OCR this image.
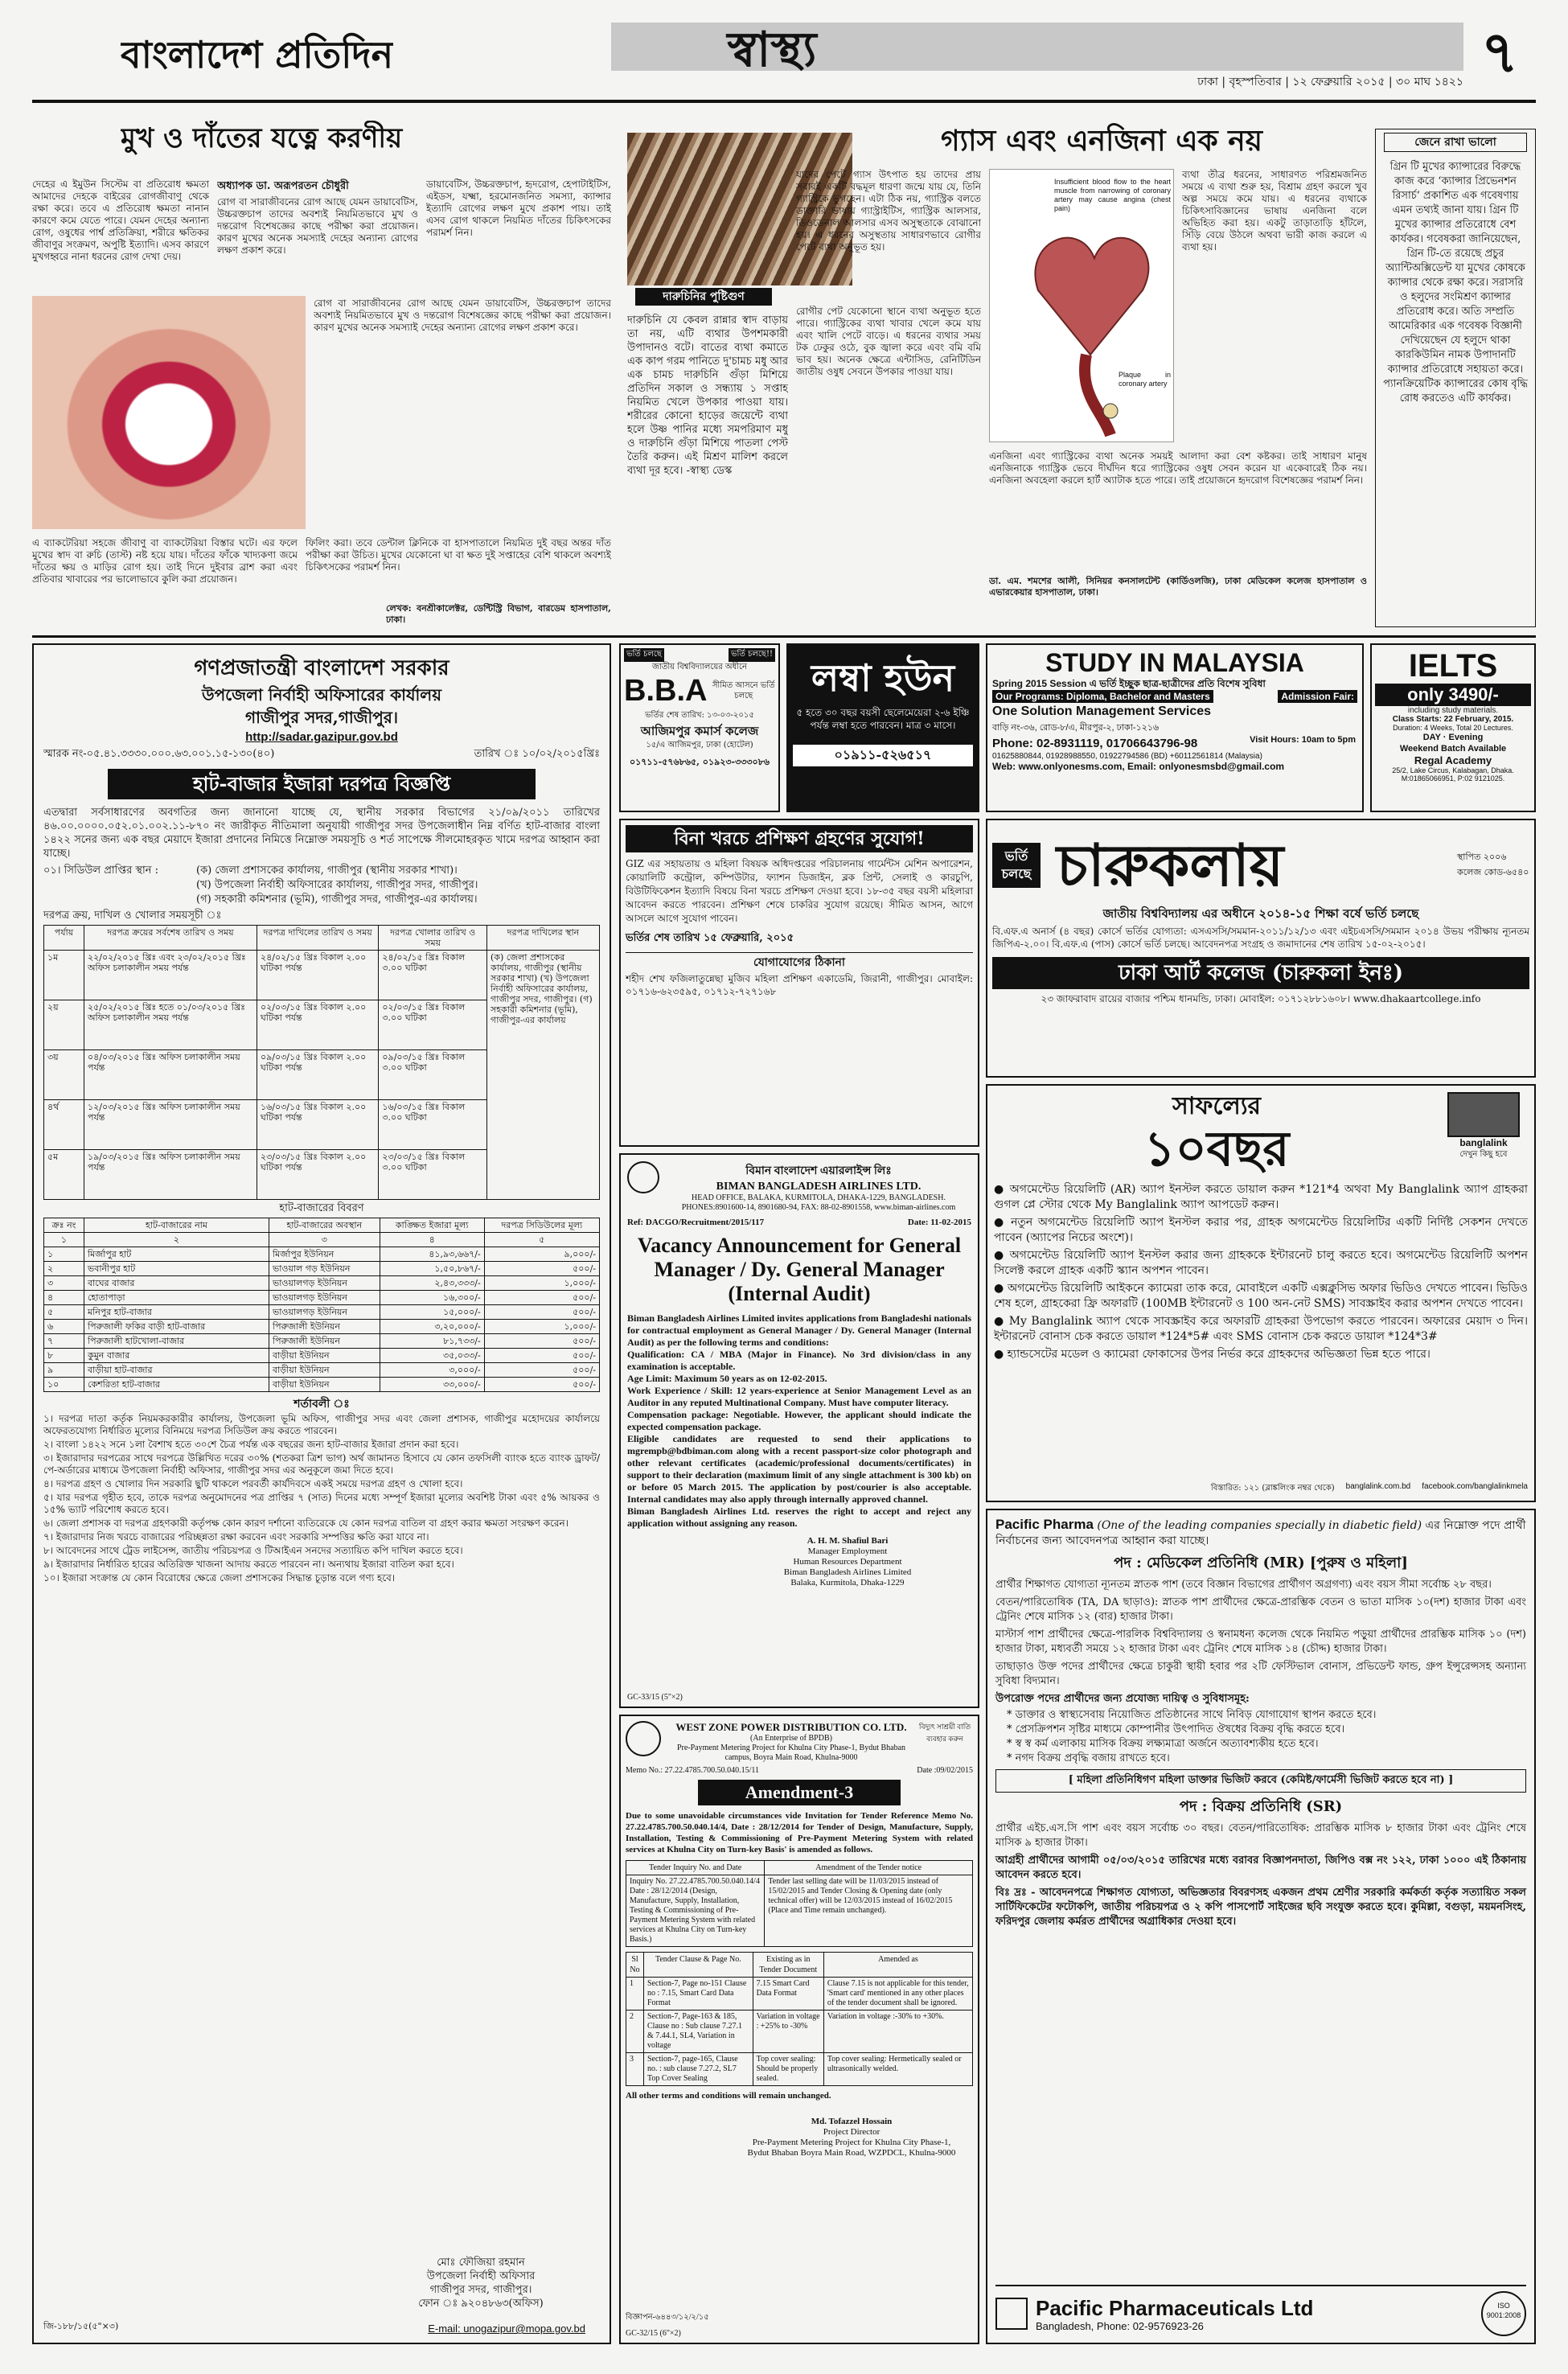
বাংলাদেশ প্রতিদিন	স্বাস্থ্য	৭
ঢাকা | বৃহস্পতিবার | ১২ ফেব্রুয়ারি ২০১৫ | ৩০ মাঘ ১৪২১
মুখ ও দাঁতের যত্নে করণীয়
অধ্যাপক ডা. অরূপরতন চৌধুরী
দেহের এ ইমুউন সিস্টেম বা প্রতিরোধ ক্ষমতা আমাদের দেহকে বাইরের রোগজীবাণু থেকে রক্ষা করে। তবে এ প্রতিরোধ ক্ষমতা নানান কারণে কমে যেতে পারে। যেমন দেহের অন্যান্য রোগ, ওষুধের পার্শ্ব প্রতিক্রিয়া, শরীরে ক্ষতিকর জীবাণুর সংক্রমণ, অপুষ্টি ইত্যাদি। এসব কারণে মুখগহ্বরে নানা ধরনের রোগ দেখা দেয়।
রোগ বা সারাজীবনের রোগ আছে যেমন ডায়াবেটিস, উচ্চরক্তচাপ তাদের অবশ্যই নিয়মিতভাবে মুখ ও দন্তরোগ বিশেষজ্ঞের কাছে পরীক্ষা করা প্রয়োজন। কারণ মুখের অনেক সমস্যাই দেহের অন্যান্য রোগের লক্ষণ প্রকাশ করে।
ডায়াবেটিস, উচ্চরক্তচাপ, হৃদরোগ, হেপাটাইটিস, এইডস, যক্ষ্মা, হরমোনজনিত সমস্যা, ক্যান্সার ইত্যাদি রোগের লক্ষণ মুখে প্রকাশ পায়। তাই এসব রোগ থাকলে নিয়মিত দাঁতের চিকিৎসকের পরামর্শ নিন।
রোগ বা সারাজীবনের রোগ আছে যেমন ডায়াবেটিস, উচ্চরক্তচাপ তাদের অবশ্যই নিয়মিতভাবে মুখ ও দন্তরোগ বিশেষজ্ঞের কাছে পরীক্ষা করা প্রয়োজন। কারণ মুখের অনেক সমস্যাই দেহের অন্যান্য রোগের লক্ষণ প্রকাশ করে।
এ ব্যাকটেরিয়া সহজে জীবাণু বা ব্যাকটেরিয়া বিস্তার ঘটে। এর ফলে মুখের স্বাদ বা রুচি (তাস্ট) নষ্ট হয়ে যায়। দাঁতের ফাঁকে খাদ্যকণা জমে দাঁতের ক্ষয় ও মাড়ির রোগ হয়। তাই দিনে দুইবার ব্রাশ করা এবং প্রতিবার খাবারের পর ভালোভাবে কুলি করা প্রয়োজন।
ফিলিং করা। তবে ডেন্টাল ক্লিনিকে বা হাসপাতালে নিয়মিত দুই বছর অন্তর দাঁত পরীক্ষা করা উচিত। মুখের যেকোনো ঘা বা ক্ষত দুই সপ্তাহের বেশি থাকলে অবশ্যই চিকিৎসকের পরামর্শ নিন।
লেখক: বনশ্রীকালেক্টর, ডেন্টিস্ট্রি বিভাগ, বারডেম হাসপাতাল, ঢাকা।
দারুচিনির পুষ্টিগুণ
দারুচিনি যে কেবল রান্নার স্বাদ বাড়ায় তা নয়, এটি ব্যথার উপশমকারী উপাদানও বটে। বাতের ব্যথা কমাতে এক কাপ গরম পানিতে দু'চামচ মধু আর এক চামচ দারুচিনি গুঁড়া মিশিয়ে প্রতিদিন সকাল ও সন্ধ্যায় ১ সপ্তাহ নিয়মিত খেলে উপকার পাওয়া যায়। শরীরের কোনো হাড়ের জয়েন্টে ব্যথা হলে উষ্ণ পানির মধ্যে সমপরিমাণ মধু ও দারুচিনি গুঁড়া মিশিয়ে পাতলা পেস্ট তৈরি করুন। এই মিশ্রণ মালিশ করলে ব্যথা দূর হবে। -স্বাস্থ্য ডেস্ক
গ্যাস এবং এনজিনা এক নয়
যাদের পেটে গ্যাস উৎপাত হয় তাদের প্রায় সবারই একটি বদ্ধমূল ধারণা জন্মে যায় যে, তিনি গ্যাস্ট্রিকে ভুগছেন। এটা ঠিক নয়, গ্যাস্ট্রিক বলতে ডাক্তারি ভাষায় গ্যাস্ট্রাইটিস, গ্যাস্ট্রিক আলসার, ডিওডেনাল আলসার এসব অসুস্থতাকে বোঝানো হয়। এ ধরনের অসুস্থতায় সাধারণভাবে রোগীর পেটে ব্যথা অনুভূত হয়।
রোগীর পেট যেকোনো স্থানে ব্যথা অনুভূত হতে পারে। গ্যাস্ট্রিকের ব্যথা খাবার খেলে কমে যায় এবং খালি পেটে বাড়ে। এ ধরনের ব্যথার সময় টক ঢেকুর ওঠে, বুক জ্বালা করে এবং বমি বমি ভাব হয়। অনেক ক্ষেত্রে এন্টাসিড, রেনিটিডিন জাতীয় ওষুধ সেবনে উপকার পাওয়া যায়।
Insufficient blood flow to the heart muscle from narrowing of coronary artery may cause angina (chest pain)
Plaque in coronary artery
ব্যথা তীব্র ধরনের, সাধারণত পরিশ্রমজনিত সময়ে এ ব্যথা শুরু হয়, বিশ্রাম গ্রহণ করলে খুব অল্প সময়ে কমে যায়। এ ধরনের ব্যথাকে চিকিৎসাবিজ্ঞানের ভাষায় এনজিনা বলে অভিহিত করা হয়। একটু তাড়াতাড়ি হাঁটলে, সিঁড়ি বেয়ে উঠলে অথবা ভারী কাজ করলে এ ব্যথা হয়।
এনজিনা এবং গ্যাস্ট্রিকের ব্যথা অনেক সময়ই আলাদা করা বেশ কষ্টকর। তাই সাধারণ মানুষ এনজিনাকে গ্যাস্ট্রিক ভেবে দীর্ঘদিন ধরে গ্যাস্ট্রিকের ওষুধ সেবন করেন যা একেবারেই ঠিক নয়। এনজিনা অবহেলা করলে হার্ট অ্যাটাক হতে পারে। তাই প্রয়োজনে হৃদরোগ বিশেষজ্ঞের পরামর্শ নিন।
ডা. এম. শমশের আলী, সিনিয়র কনসালটেন্ট (কার্ডিওলজি), ঢাকা মেডিকেল কলেজ হাসপাতাল ও এভারকেয়ার হাসপাতাল, ঢাকা।
জেনে রাখা ভালো
গ্রিন টি মুখের ক্যান্সারের বিরুদ্ধে কাজ করে ‘ক্যান্সার প্রিভেনশন রিসার্চ’ প্রকাশিত এক গবেষণায় এমন তথ্যই জানা যায়। গ্রিন টি মুখের ক্যান্সার প্রতিরোধে বেশ কার্যকর। গবেষকরা জানিয়েছেন, গ্রিন টি-তে রয়েছে প্রচুর অ্যান্টিঅক্সিডেন্ট যা মুখের কোষকে ক্যান্সার থেকে রক্ষা করে। সরাসরি ও হলুদের সংমিশ্রণ ক্যান্সার প্রতিরোধ করে। অতি সম্প্রতি আমেরিকার এক গবেষক বিজ্ঞানী দেখিয়েছেন যে হলুদে থাকা কারকিউমিন নামক উপাদানটি ক্যান্সার প্রতিরোধে সহায়তা করে। প্যানক্রিয়েটিক ক্যান্সারের কোষ বৃদ্ধি রোধ করতেও এটি কার্যকর।
গণপ্রজাতন্ত্রী বাংলাদেশ সরকার
উপজেলা নির্বাহী অফিসারের কার্যালয়
গাজীপুর সদর,গাজীপুর।
http://sadar.gazipur.gov.bd
স্মারক নং-০৫.৪১.৩৩৩০.০০০.৬৩.০০১.১৫-১৩০(৪০)	তারিখ ঃ ১০/০২/২০১৫খ্রিঃ
হাট-বাজার ইজারা দরপত্র বিজ্ঞপ্তি
এতদ্বারা সর্বসাধারণের অবগতির জন্য জানানো যাচ্ছে যে, স্থানীয় সরকার বিভাগের ২১/০৯/২০১১ তারিখের ৪৬.০০.০০০০.০৫২.০১.০০২.১১-৮৭০ নং জারীকৃত নীতিমালা অনুযায়ী গাজীপুর সদর উপজেলাধীন নিম্ন বর্ণিত হাট-বাজার বাংলা ১৪২২ সনের জন্য এক বছর মেয়াদে ইজারা প্রদানের নিমিত্তে নিম্নোক্ত সময়সূচি ও শর্ত সাপেক্ষে সীলমোহরকৃত খামে দরপত্র আহ্বান করা যাচ্ছে।
০১। সিডিউল প্রাপ্তির স্থান :	(ক) জেলা প্রশাসকের কার্যালয়, গাজীপুর (স্থানীয় সরকার শাখা)।
(খ) উপজেলা নির্বাহী অফিসারের কার্যালয়, গাজীপুর সদর, গাজীপুর।
(গ) সহকারী কমিশনার (ভূমি), গাজীপুর সদর, গাজীপুর-এর কার্যালয়।
দরপত্র ক্রয়, দাখিল ও খোলার সময়সূচী ঃ
পর্যায়	দরপত্র ক্রয়ের সর্বশেষ তারিখ ও সময়	দরপত্র দাখিলের তারিখ ও সময়	দরপত্র খোলার তারিখ ও সময়	দরপত্র দাখিলের স্থান
১ম	২২/০২/২০১৫ খ্রিঃ এবং ২৩/০২/২০১৫ খ্রিঃ অফিস চলাকালীন সময় পর্যন্ত	২৪/০২/১৫ খ্রিঃ বিকাল ২.০০ ঘটিকা পর্যন্ত	২৪/০২/১৫ খ্রিঃ বিকাল ৩.০০ ঘটিকা	(ক) জেলা প্রশাসকের কার্যালয়, গাজীপুর (স্থানীয় সরকার শাখা) (খ) উপজেলা নির্বাহী অফিসারের কার্যালয়, গাজীপুর সদর, গাজীপুর। (গ) সহকারী কমিশনার (ভূমি), গাজীপুর-এর কার্যালয়
২য়	২৫/০২/২০১৫ খ্রিঃ হতে ০১/০৩/২০১৫ খ্রিঃ অফিস চলাকালীন সময় পর্যন্ত	০২/০৩/১৫ খ্রিঃ বিকাল ২.০০ ঘটিকা পর্যন্ত	০২/০৩/১৫ খ্রিঃ বিকাল ৩.০০ ঘটিকা	
৩য়	০৪/০৩/২০১৫ খ্রিঃ অফিস চলাকালীন সময় পর্যন্ত	০৯/০৩/১৫ খ্রিঃ বিকাল ২.০০ ঘটিকা পর্যন্ত	০৯/০৩/১৫ খ্রিঃ বিকাল ৩.০০ ঘটিকা	
৪র্থ	১২/০৩/২০১৫ খ্রিঃ অফিস চলাকালীন সময় পর্যন্ত	১৬/০৩/১৫ খ্রিঃ বিকাল ২.০০ ঘটিকা পর্যন্ত	১৬/০৩/১৫ খ্রিঃ বিকাল ৩.০০ ঘটিকা	
৫ম	১৯/০৩/২০১৫ খ্রিঃ অফিস চলাকালীন সময় পর্যন্ত	২৩/০৩/১৫ খ্রিঃ বিকাল ২.০০ ঘটিকা পর্যন্ত	২৩/০৩/১৫ খ্রিঃ বিকাল ৩.০০ ঘটিকা	
হাট-বাজারের বিবরণ
ক্রঃ নং	হাট-বাজারের নাম	হাট-বাজারের অবস্থান	কাঙ্ক্ষিত ইজারা মূল্য	দরপত্র সিডিউলের মূল্য
১	২	৩	৪	৫
১	মির্জাপুর হাট	মির্জাপুর ইউনিয়ন	৪১,৯৩,৬৬৭/-	৯,০০০/-
২	ভবানীপুর হাট	ভাওয়াল গড় ইউনিয়ন	১,৫০,৮৬৭/-	৫০০/-
৩	বাঘের বাজার	ভাওয়ালগড় ইউনিয়ন	২,৪৩,৩৩৩/-	১,০০০/-
৪	হোতাপাড়া	ভাওয়ালগড় ইউনিয়ন	১৬,৩০০/-	৫০০/-
৫	মনিপুর হাট-বাজার	ভাওয়ালগড় ইউনিয়ন	১৫,০০০/-	৫০০/-
৬	পিরুজালী ফকির বাড়ী হাট-বাজার	পিরুজালী ইউনিয়ন	৩,২০,০০০/-	১,০০০/-
৭	পিরুজালী হাটখোলা-বাজার	পিরুজালী ইউনিয়ন	৮১,৭৩৩/-	৫০০/-
৮	কুমুন বাজার	বাড়ীয়া ইউনিয়ন	৩৫,০৩৩/-	৫০০/-
৯	বাড়ীয়া হাট-বাজার	বাড়ীয়া ইউনিয়ন	৩,০০০/-	৫০০/-
১০	কেশরিতা হাট-বাজার	বাড়ীয়া ইউনিয়ন	৩৩,০০০/-	৫০০/-
শর্তাবলী ঃ
১। দরপত্র দাতা কর্তৃক নিয়মকরকারীর কার্যালয়, উপজেলা ভূমি অফিস, গাজীপুর সদর এবং জেলা প্রশাসক, গাজীপুর মহোদয়ের কার্যালয়ে অফেরতযোগ্য নির্ধারিত মূল্যের বিনিময়ে দরপত্র সিডিউল ক্রয় করতে পারবেন।
২। বাংলা ১৪২২ সনে ১লা বৈশাখ হতে ৩০শে চৈত্র পর্যন্ত এক বছরের জন্য হাট-বাজার ইজারা প্রদান করা হবে।
৩। ইজারাদার দরপত্রের সাথে দরপত্রে উল্লিখিত দরের ৩০% (শতকরা ত্রিশ ভাগ) অর্থ জামানত হিসাবে যে কোন তফসিলী ব্যাংক হতে ব্যাংক ড্রাফট/পে-অর্ডারের মাধ্যমে উপজেলা নির্বাহী অফিসার, গাজীপুর সদর এর অনুকূলে জমা দিতে হবে।
৪। দরপত্র গ্রহণ ও খোলার দিন সরকারি ছুটি থাকলে পরবর্তী কার্যদিবসে একই সময়ে দরপত্র গ্রহণ ও খোলা হবে।
৫। যার দরপত্র গৃহীত হবে, তাকে দরপত্র অনুমোদনের পত্র প্রাপ্তির ৭ (সাত) দিনের মধ্যে সম্পূর্ণ ইজারা মূল্যের অবশিষ্ট টাকা এবং ৫% আয়কর ও ১৫% ভ্যাট পরিশোধ করতে হবে।
৬। জেলা প্রশাসক বা দরপত্র গ্রহণকারী কর্তৃপক্ষ কোন কারণ দর্শানো ব্যতিরেকে যে কোন দরপত্র বাতিল বা গ্রহণ করার ক্ষমতা সংরক্ষণ করেন।
৭। ইজারাদার নিজ খরচে বাজারের পরিচ্ছন্নতা রক্ষা করবেন এবং সরকারি সম্পত্তির ক্ষতি করা যাবে না।
৮। আবেদনের সাথে ট্রেড লাইসেন্স, জাতীয় পরিচয়পত্র ও টিআইএন সনদের সত্যায়িত কপি দাখিল করতে হবে।
৯। ইজারাদার নির্ধারিত হারের অতিরিক্ত খাজনা আদায় করতে পারবেন না। অন্যথায় ইজারা বাতিল করা হবে।
১০। ইজারা সংক্রান্ত যে কোন বিরোধের ক্ষেত্রে জেলা প্রশাসকের সিদ্ধান্ত চূড়ান্ত বলে গণ্য হবে।
মোঃ ফৌজিয়া রহমান
উপজেলা নির্বাহী অফিসার
গাজীপুর সদর, গাজীপুর।
ফোন ঃ ৯২০৪৮৬৩(অফিস)
E-mail: unogazipur@mopa.gov.bd
জি-১৮৮/১৫(৫"×৩)
ভর্তি চলছে	ভর্তি চলছে!!
জাতীয় বিশ্ববিদ্যালয়ের অধীনে
B.B.A সীমিত আসনে ভর্তি চলছে
ভর্তির শেষ তারিখ: ১৩-০৩-২০১৫
আজিমপুর কমার্স কলেজ
১৫/এ আজিমপুর, ঢাকা (হোটেল)
০১৭১১-৫৭৬৮৬৫, ০১৯২৩-৩৩৩০৮৬
লম্বা হউন
৫ হতে ৩০ বছর বয়সী ছেলেমেয়েরা ২-৬ ইঞ্চি পর্যন্ত লম্বা হতে পারবেন। মাত্র ৩ মাসে।
০১৯১১-৫২৬৫১৭
STUDY IN MALAYSIA
Spring 2015 Session এ ভর্তি ইচ্ছুক ছাত্র-ছাত্রীদের প্রতি বিশেষ সুবিধা
Our Programs: Diploma, Bachelor and Masters	Admission Fair:
One Solution Management Services
বাড়ি নং-৩৬, রোড-৮/এ, মীরপুর-২, ঢাকা-১২১৬
Phone: 02-8931119, 01706643796-98
01625880844, 01928988550, 01922794586 (BD) +60112561814 (Malaysia)
Web: www.onlyonesms.com, Email: onlyonesmsbd@gmail.com
Visit Hours: 10am to 5pm
IELTS
only 3490/-
including study materials.
Class Starts: 22 February, 2015.
Duration: 4 Weeks, Total 20 Lectures.
DAY · Evening
Weekend Batch Available
Regal Academy
25/2, Lake Circus, Kalabagan, Dhaka.
M:01865066951, P:02 9121025.
বিনা খরচে প্রশিক্ষণ গ্রহণের সুযোগ!
GIZ এর সহায়তায় ও মহিলা বিষয়ক অধিদপ্তরের পরিচালনায় গার্মেন্টস মেশিন অপারেশন, কোয়ালিটি কন্ট্রোল, কম্পিউটার, ফ্যাশন ডিজাইন, ব্লক প্রিন্ট, সেলাই ও কারচুপি, বিউটিফিকেশন ইত্যাদি বিষয়ে বিনা খরচে প্রশিক্ষণ দেওয়া হবে। ১৮-৩৫ বছর বয়সী মহিলারা আবেদন করতে পারবেন। প্রশিক্ষণ শেষে চাকরির সুযোগ রয়েছে। সীমিত আসন, আগে আসলে আগে সুযোগ পাবেন।
ভর্তির শেষ তারিখ ১৫ ফেব্রুয়ারি, ২০১৫
যোগাযোগের ঠিকানা
শহীদ শেখ ফজিলাতুন্নেছা মুজিব মহিলা প্রশিক্ষণ একাডেমি, জিরানী, গাজীপুর। মোবাইল: ০১৭১৬-৬২৩৫৯৫, ০১৭১২-৭২৭১৬৮
ভর্তি চলছে চারুকলায়	স্থাপিত ২০০৬
কলেজ কোড-৬৫৪০
জাতীয় বিশ্ববিদ্যালয় এর অধীনে ২০১৪-১৫ শিক্ষা বর্ষে ভর্তি চলছে
বি.এফ.এ অনার্স (৪ বছর) কোর্সে ভর্তির যোগ্যতা: এসএসসি/সমমান-২০১১/১২/১৩ এবং এইচএসসি/সমমান ২০১৪ উভয় পরীক্ষায় ন্যূনতম জিপিএ-২.০০। বি.এফ.এ (পাস) কোর্সে ভর্তি চলছে। আবেদনপত্র সংগ্রহ ও জমাদানের শেষ তারিখ ১৫-০২-২০১৫।
ঢাকা আর্ট কলেজ (চারুকলা ইনঃ)
২৩ জাফরাবাদ রায়ের বাজার পশ্চিম ধানমন্ডি, ঢাকা। মোবাইল: ০১৭১২৮৮১৬০৮। www.dhakaartcollege.info
বিমান বাংলাদেশ এয়ারলাইন্স লিঃ
BIMAN BANGLADESH AIRLINES LTD.
HEAD OFFICE, BALAKA, KURMITOLA, DHAKA-1229, BANGLADESH. PHONES:8901600-14, 8901680-94, FAX: 88-02-8901558, www.biman-airlines.com
Ref: DACGO/Recruitment/2015/117	Date: 11-02-2015
Vacancy Announcement for General Manager / Dy. General Manager (Internal Audit)
Biman Bangladesh Airlines Limited invites applications from Bangladeshi nationals for contractual employment as General Manager / Dy. General Manager (Internal Audit) as per the following terms and conditions:
Qualification: CA / MBA (Major in Finance). No 3rd division/class in any examination is acceptable.
Age Limit: Maximum 50 years as on 12-02-2015.
Work Experience / Skill: 12 years-experience at Senior Management Level as an Auditor in any reputed Multinational Company. Must have computer literacy.
Compensation package: Negotiable. However, the applicant should indicate the expected compensation package.
Eligible candidates are requested to send their applications to mgrempb@bdbiman.com along with a recent passport-size color photograph and other relevant certificates (academic/professional documents/certificates) in support to their declaration (maximum limit of any single attachment is 300 kb) on or before 05 March 2015. The application by post/courier is also acceptable. Internal candidates may also apply through internally approved channel.
Biman Bangladesh Airlines Ltd. reserves the right to accept and reject any application without assigning any reason.
A. H. M. Shafiul Bari
Manager Employment
Human Resources Department
Biman Bangladesh Airlines Limited
Balaka, Kurmitola, Dhaka-1229
GC-33/15 (5"×2)
WEST ZONE POWER DISTRIBUTION CO. LTD.
(An Enterprise of BPDB)
Pre-Payment Metering Project for Khulna City Phase-1, Bydut Bhaban campus, Boyra Main Road, Khulna-9000
বিদ্যুৎ সাশ্রয়ী বাতি ব্যবহার করুন
Memo No.: 27.22.4785.700.50.040.15/11	Date :09/02/2015
Amendment-3
Due to some unavoidable circumstances vide Invitation for Tender Reference Memo No. 27.22.4785.700.50.040.14/4, Date : 28/12/2014 for Tender of Design, Manufacture, Supply, Installation, Testing & Commissioning of Pre-Payment Metering System with related services at Khulna City on Turn-key Basis' is amended as follows.
Tender Inquiry No. and Date	Amendment of the Tender notice
Inquiry No. 27.22.4785.700.50.040.14/4 Date : 28/12/2014 (Design, Manufacture, Supply, Installation, Testing & Commissioning of Pre-Payment Metering System with related services at Khulna City on Turn-key Basis.)	Tender last selling date will be 11/03/2015 instead of 15/02/2015 and Tender Closing & Opening date (only technical offer) will be 12/03/2015 instead of 16/02/2015 (Place and Time remain unchanged).
Sl No	Tender Clause & Page No.	Existing as in Tender Document	Amended as
1	Section-7, Page no-151 Clause no : 7.15, Smart Card Data Format	7.15 Smart Card Data Format	Clause 7.15 is not applicable for this tender, 'Smart card' mentioned in any other places of the tender document shall be ignored.
2	Section-7, Page-163 & 185, Clause no : Sub clause 7.27.1 & 7.44.1, SL4, Variation in voltage	Variation in voltage : +25% to -30%	Variation in voltage :-30% to +30%.
3	Section-7, page-165, Clause no. : sub clause 7.27.2, SL7 Top Cover Sealing	Top cover sealing: Should be properly sealed.	Top cover sealing: Hermetically sealed or ultrasonically welded.
All other terms and conditions will remain unchanged.
Md. Tofazzel Hossain
Project Director
Pre-Payment Metering Project for Khulna City Phase-1,
Bydut Bhaban Boyra Main Road, WZPDCL, Khulna-9000
বিজ্ঞাপন-৬৪৪৩/১২/২/১৫
GC-32/15 (6"×2)
সাফল্যের
১০বছর	banglalink
দেখুন কিছু হবে
● অগমেন্টেড রিয়েলিটি (AR) অ্যাপ ইনস্টল করতে ডায়াল করুন *121*4 অথবা My Banglalink অ্যাপ গ্রাহকরা গুগল প্লে স্টোর থেকে My Banglalink অ্যাপ আপডেট করুন।
● নতুন অগমেন্টেড রিয়েলিটি অ্যাপ ইনস্টল করার পর, গ্রাহক অগমেন্টেড রিয়েলিটির একটি নির্দিষ্ট সেকশন দেখতে পাবেন (অ্যাপের নিচের অংশে)।
● অগমেন্টেড রিয়েলিটি অ্যাপ ইনস্টল করার জন্য গ্রাহককে ইন্টারনেট চালু করতে হবে। অগমেন্টেড রিয়েলিটি অপশন সিলেক্ট করলে গ্রাহক একটি স্ক্যান অপশন পাবেন।
● অগমেন্টেড রিয়েলিটি আইকনে ক্যামেরা তাক করে, মোবাইলে একটি এক্সক্লুসিভ অফার ভিডিও দেখতে পাবেন। ভিডিও শেষ হলে, গ্রাহকেরা ফ্রি অফারটি (100MB ইন্টারনেট ও 100 অন-নেট SMS) সাবস্ক্রাইব করার অপশন দেখতে পাবেন।
● My Banglalink অ্যাপ থেকে সাবস্ক্রাইব করে অফারটি গ্রাহকরা উপভোগ করতে পারবেন। অফারের মেয়াদ ৩ দিন। ইন্টারনেট বোনাস চেক করতে ডায়াল *124*5# এবং SMS বোনাস চেক করতে ডায়াল *124*3#
● হ্যান্ডসেটের মডেল ও ক্যামেরা ফোকাসের উপর নির্ভর করে গ্রাহকদের অভিজ্ঞতা ভিন্ন হতে পারে।
বিস্তারিত: ১২১ (ব্লাঙ্কলিংক নম্বর থেকে) banglalink.com.bd facebook.com/banglalinkmela
Pacific Pharma (One of the leading companies specially in diabetic field) এর নিম্নোক্ত পদে প্রার্থী নির্বাচনের জন্য আবেদনপত্র আহ্বান করা যাচ্ছে।
পদ : মেডিকেল প্রতিনিধি (MR) [পুরুষ ও মহিলা]
প্রার্থীর শিক্ষাগত যোগ্যতা ন্যূনতম স্নাতক পাশ (তবে বিজ্ঞান বিভাগের প্রার্থীগণ অগ্রগণ্য) এবং বয়স সীমা সর্বোচ্চ ২৮ বছর।
বেতন/পারিতোষিক (TA, DA ছাড়াও): স্নাতক পাশ প্রার্থীদের ক্ষেত্রে-প্রারম্ভিক বেতন ও ভাতা মাসিক ১০(দশ) হাজার টাকা এবং ট্রেনিং শেষে মাসিক ১২ (বার) হাজার টাকা।
মাস্টার্স পাশ প্রার্থীদের ক্ষেত্রে-পারলিক বিশ্ববিদ্যালয় ও স্বনামধন্য কলেজ থেকে নিয়মিত পড়ুয়া প্রার্থীদের প্রারম্ভিক মাসিক ১০ (দশ) হাজার টাকা, মধ্যবর্তী সময়ে ১২ হাজার টাকা এবং ট্রেনিং শেষে মাসিক ১৪ (চৌদ্দ) হাজার টাকা।
তাছাড়াও উক্ত পদের প্রার্থীদের ক্ষেত্রে চাকুরী স্থায়ী হবার পর ২টি ফেস্টিভাল বোনাস, প্রভিডেন্ট ফান্ড, গ্রুপ ইন্সুরেন্সসহ অন্যান্য সুবিধা বিদ্যমান।
উপরোক্ত পদের প্রার্থীদের জন্য প্রযোজ্য দায়িত্ব ও সুবিধাসমূহ:
* ডাক্তার ও স্বাস্থ্যসেবায় নিয়োজিত প্রতিষ্ঠানের সাথে নিবিড় যোগাযোগ স্থাপন করতে হবে।
* প্রেসক্রিপশন সৃষ্টির মাধ্যমে কোম্পানীর উৎপাদিত ঔষধের বিক্রয় বৃদ্ধি করতে হবে।
* স্ব স্ব কর্ম এলাকায় মাসিক বিক্রয় লক্ষ্যমাত্রা অর্জনে অত্যাবশ্যকীয় হতে হবে।
* নগদ বিক্রয় প্রবৃদ্ধি বজায় রাখতে হবে।
[ মহিলা প্রতিনিধিগণ মহিলা ডাক্তার ভিজিট করবে (কেমিষ্ট/ফার্মেসী ভিজিট করতে হবে না) ]
পদ : বিক্রয় প্রতিনিধি (SR)
প্রার্থীর এইচ.এস.সি পাশ এবং বয়স সর্বোচ্চ ৩০ বছর। বেতন/পারিতোষিক: প্রারম্ভিক মাসিক ৮ হাজার টাকা এবং ট্রেনিং শেষে মাসিক ৯ হাজার টাকা।
আগ্রহী প্রার্থীদের আগামী ০৫/০৩/২০১৫ তারিখের মধ্যে বরাবর বিজ্ঞাপনদাতা, জিপিও বক্স নং ১২২, ঢাকা ১০০০ এই ঠিকানায় আবেদন করতে হবে।
বিঃ দ্রঃ - আবেদনপত্রে শিক্ষাগত যোগ্যতা, অভিজ্ঞতার বিবরণসহ একজন প্রথম শ্রেণীর সরকারি কর্মকর্তা কর্তৃক সত্যায়িত সকল সার্টিফিকেটের ফটোকপি, জাতীয় পরিচয়পত্র ও ২ কপি পাসপোর্ট সাইজের ছবি সংযুক্ত করতে হবে। কুমিল্লা, বগুড়া, ময়মনসিংহ, ফরিদপুর জেলায় কর্মরত প্রার্থীদের অগ্রাধিকার দেওয়া হবে।
Pacific Pharmaceuticals Ltd
Bangladesh, Phone: 02-9576923-26
ISO 9001:2008
